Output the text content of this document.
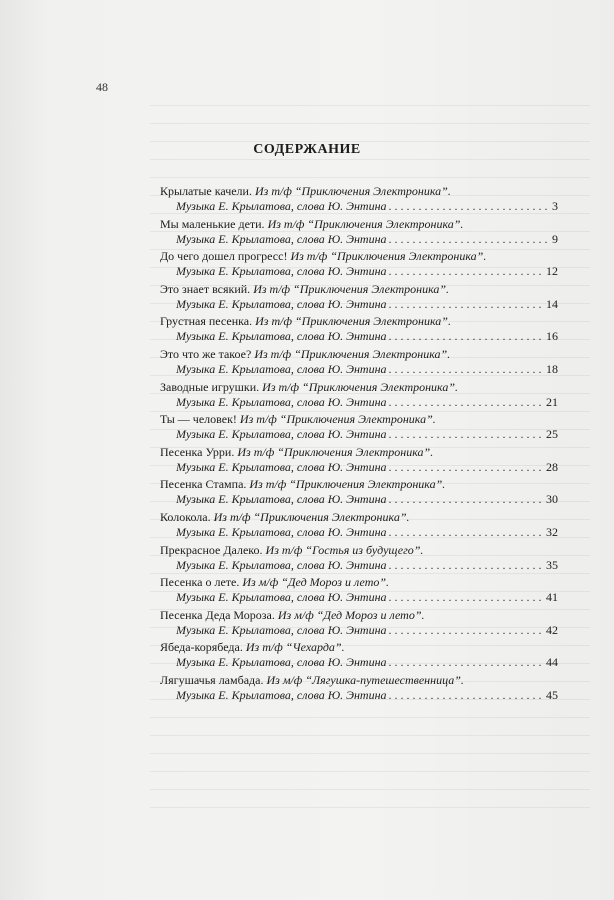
48
СОДЕРЖАНИЕ
Крылатые качели. Из т/ф “Приключения Электроника”.
Музыка Е. Крылатова, слова Ю. Энтина . . .	3
Мы маленькие дети. Из т/ф “Приключения Электроника”.
Музыка Е. Крылатова, слова Ю. Энтина . . .	9
До чего дошел прогресс! Из т/ф “Приключения Электроника”.
Музыка Е. Крылатова, слова Ю. Энтина . . .	12
Это знает всякий. Из т/ф “Приключения Электроника”.
Музыка Е. Крылатова, слова Ю. Энтина . . .	14
Грустная песенка. Из т/ф “Приключения Электроника”.
Музыка Е. Крылатова, слова Ю. Энтина . . .	16
Это что же такое? Из т/ф “Приключения Электроника”.
Музыка Е. Крылатова, слова Ю. Энтина . . .	18
Заводные игрушки. Из т/ф “Приключения Электроника”.
Музыка Е. Крылатова, слова Ю. Энтина . . .	21
Ты — человек! Из т/ф “Приключения Электроника”.
Музыка Е. Крылатова, слова Ю. Энтина . . .	25
Песенка Урри. Из т/ф “Приключения Электроника”.
Музыка Е. Крылатова, слова Ю. Энтина . . .	28
Песенка Стампа. Из т/ф “Приключения Электроника”.
Музыка Е. Крылатова, слова Ю. Энтина . . .	30
Колокола. Из т/ф “Приключения Электроника”.
Музыка Е. Крылатова, слова Ю. Энтина . . .	32
Прекрасное Далеко. Из т/ф “Гостья из будущего”.
Музыка Е. Крылатова, слова Ю. Энтина . . .	35
Песенка о лете. Из м/ф “Дед Мороз и лето”.
Музыка Е. Крылатова, слова Ю. Энтина . . .	41
Песенка Деда Мороза. Из м/ф “Дед Мороз и лето”.
Музыка Е. Крылатова, слова Ю. Энтина . . .	42
Ябеда-корябеда. Из т/ф “Чехарда”.
Музыка Е. Крылатова, слова Ю. Энтина . . .	44
Лягушачья ламбада. Из м/ф “Лягушка-путешественница”.
Музыка Е. Крылатова, слова Ю. Энтина . . .	45
